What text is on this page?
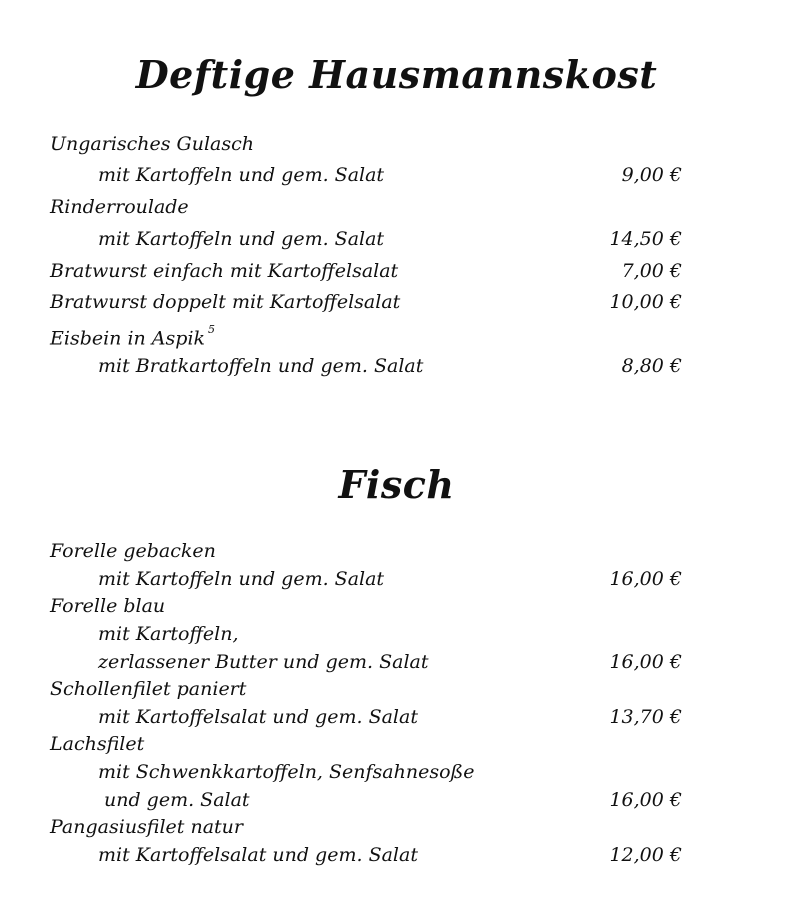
Deftige Hausmannskost
Ungarisches Gulasch
mit Kartoffeln und gem. Salat	9,00 €
Rinderroulade
mit Kartoffeln und gem. Salat	14,50 €
Bratwurst einfach mit Kartoffelsalat	7,00 €
Bratwurst doppelt mit Kartoffelsalat	10,00 €
Eisbein in Aspik $^5$
mit Bratkartoffeln und gem. Salat	8,80 €
Fisch
Forelle gebacken
mit Kartoffeln und gem. Salat	16,00 €
Forelle blau
mit Kartoffeln,
zerlassener Butter und gem. Salat	16,00 €
Schollenfilet paniert
mit Kartoffelsalat und gem. Salat	13,70 €
Lachsfilet
mit Schwenkkartoffeln, Senfsahnesoße
und gem. Salat	16,00 €
Pangasiusfilet natur
mit Kartoffelsalat und gem. Salat	12,00 €
